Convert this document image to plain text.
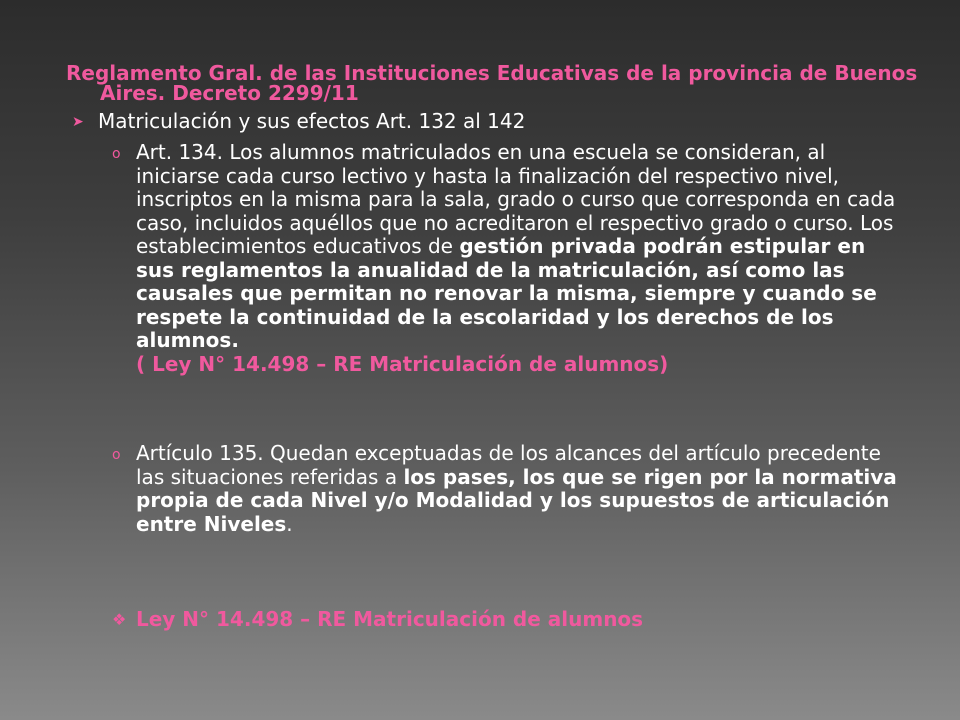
Reglamento Gral. de las Instituciones Educativas de la provincia de Buenos Aires. Decreto 2299/11
➤ Matriculación y sus efectos Art. 132 al 142
o Art. 134. Los alumnos matriculados en una escuela se consideran, al iniciarse cada curso lectivo y hasta la finalización del respectivo nivel, inscriptos en la misma para la sala, grado o curso que corresponda en cada caso, incluidos aquéllos que no acreditaron el respectivo grado o curso. Los establecimientos educativos de gestión privada podrán estipular en sus reglamentos la anualidad de la matriculación, así como las causales que permitan no renovar la misma, siempre y cuando se respete la continuidad de la escolaridad y los derechos de los alumnos.
( Ley N° 14.498 – RE Matriculación de alumnos)
o Artículo 135. Quedan exceptuadas de los alcances del artículo precedente las situaciones referidas a los pases, los que se rigen por la normativa propia de cada Nivel y/o Modalidad y los supuestos de articulación entre Niveles.
❖ Ley N° 14.498 – RE Matriculación de alumnos
